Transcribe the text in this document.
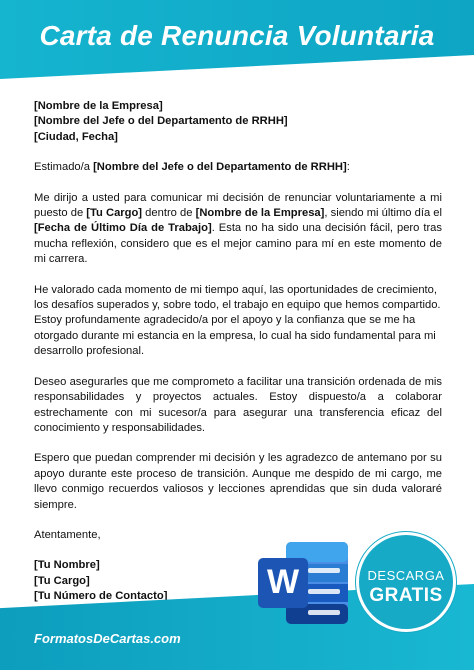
Carta de Renuncia Voluntaria
[Nombre de la Empresa]
[Nombre del Jefe o del Departamento de RRHH]
[Ciudad, Fecha]
Estimado/a [Nombre del Jefe o del Departamento de RRHH]:

Me dirijo a usted para comunicar mi decisión de renunciar voluntariamente a mi puesto de [Tu Cargo] dentro de [Nombre de la Empresa], siendo mi último día el [Fecha de Último Día de Trabajo]. Esta no ha sido una decisión fácil, pero tras mucha reflexión, considero que es el mejor camino para mí en este momento de mi carrera.

He valorado cada momento de mi tiempo aquí, las oportunidades de crecimiento, los desafíos superados y, sobre todo, el trabajo en equipo que hemos compartido. Estoy profundamente agradecido/a por el apoyo y la confianza que se me ha otorgado durante mi estancia en la empresa, lo cual ha sido fundamental para mi desarrollo profesional.

Deseo asegurarles que me comprometo a facilitar una transición ordenada de mis responsabilidades y proyectos actuales. Estoy dispuesto/a a colaborar estrechamente con mi sucesor/a para asegurar una transferencia eficaz del conocimiento y responsabilidades.

Espero que puedan comprender mi decisión y les agradezco de antemano por su apoyo durante este proceso de transición. Aunque me despido de mi cargo, me llevo conmigo recuerdos valiosos y lecciones aprendidas que sin duda valoraré siempre.

Atentamente,

[Tu Nombre]
[Tu Cargo]
[Tu Número de Contacto]
FormatosDeCartas.com
W	DESCARGA
GRATIS
